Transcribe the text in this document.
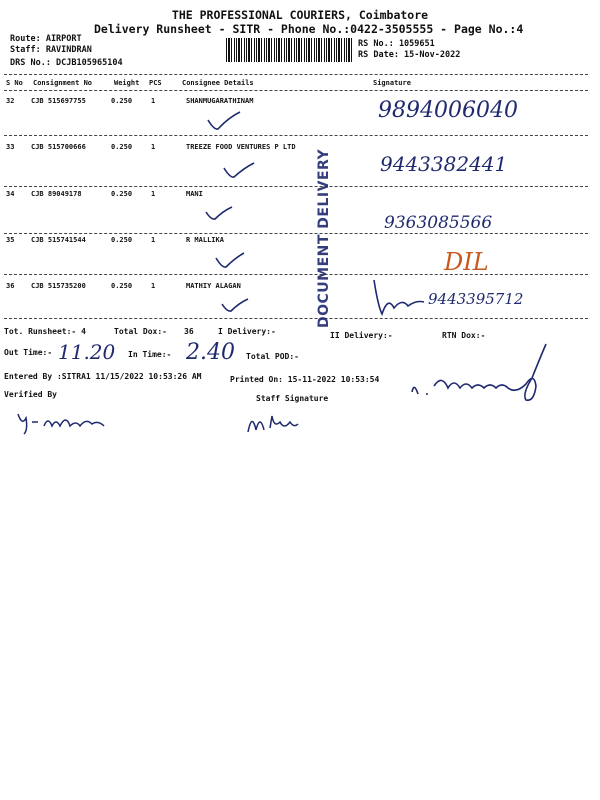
THE PROFESSIONAL COURIERS, Coimbatore
Delivery Runsheet - SITR - Phone No.:0422-3505555 - Page No.:4
Route: AIRPORT
Staff: RAVINDRAN
DRS No.: DCJB105965104
RS No.: 1059651
RS Date: 15-Nov-2022
S No Consignment No	Weight PCS	Consignee Details	Signature
32 CJB 515697755	0.250	1	SHANMUGARATHINAM	9894006040
33 CJB 515700666	0.250	1	TREEZE FOOD VENTURES P LTD
9443382441
34 CJB 89049178	0.250	1	MANI
9363085566
35 CJB 515741544	0.250	1	R MALLIKA
DIL
36 CJB 515735200	0.250	1	MATHIY ALAGAN
9443395712
DOCUMENT DELIVERY
Tot. Runsheet:- 4	Total Dox:- 36	I Delivery:-	II Delivery:-	RTN Dox:-
Out Time:- 11.20 In Time:- 2.40 Total POD:-
Entered By :SITRA1 11/15/2022 10:53:26 AM	Printed On: 15-11-2022 10:53:54
Verified By	Staff Signature
